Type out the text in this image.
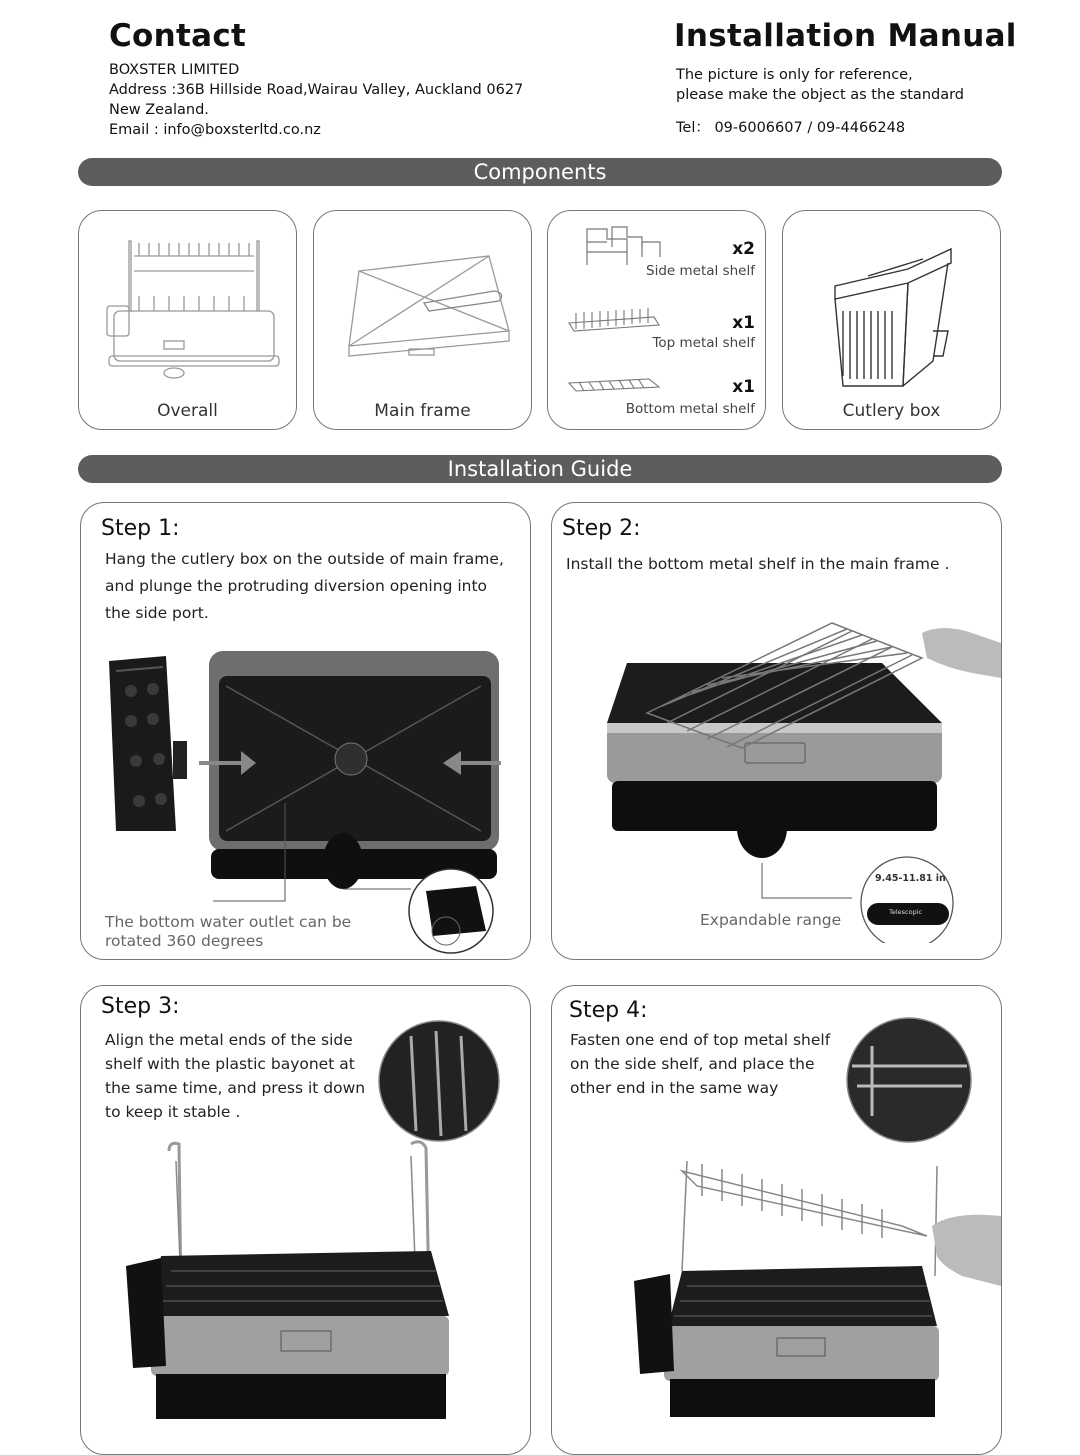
Contact
BOXSTER LIMITED
Address :36B Hillside Road,Wairau Valley, Auckland 0627
New Zealand.
Email : info@boxsterltd.co.nz
Installation Manual
The picture is only for reference,
please make the object as the standard
Tel： 09-6006607 / 09-4466248
Components
Overall	Main frame
x2
Side metal shelf
x1
Top metal shelf
x1
Bottom metal shelf	Cutlery box
Installation Guide
Step 1:
Hang the cutlery box on the outside of main frame,
and plunge the protruding diversion opening into
the side port.
The bottom water outlet can be
rotated 360 degrees
Step 2:
Install the bottom metal shelf in the main frame .
9.45-11.81 in
Telescopic
Expandable range
Step 3:
Align the metal ends of the side
shelf with the plastic bayonet at
the same time, and press it down
to keep it stable .
Step 4:
Fasten one end of top metal shelf
on the side shelf, and place the
other end in the same way
